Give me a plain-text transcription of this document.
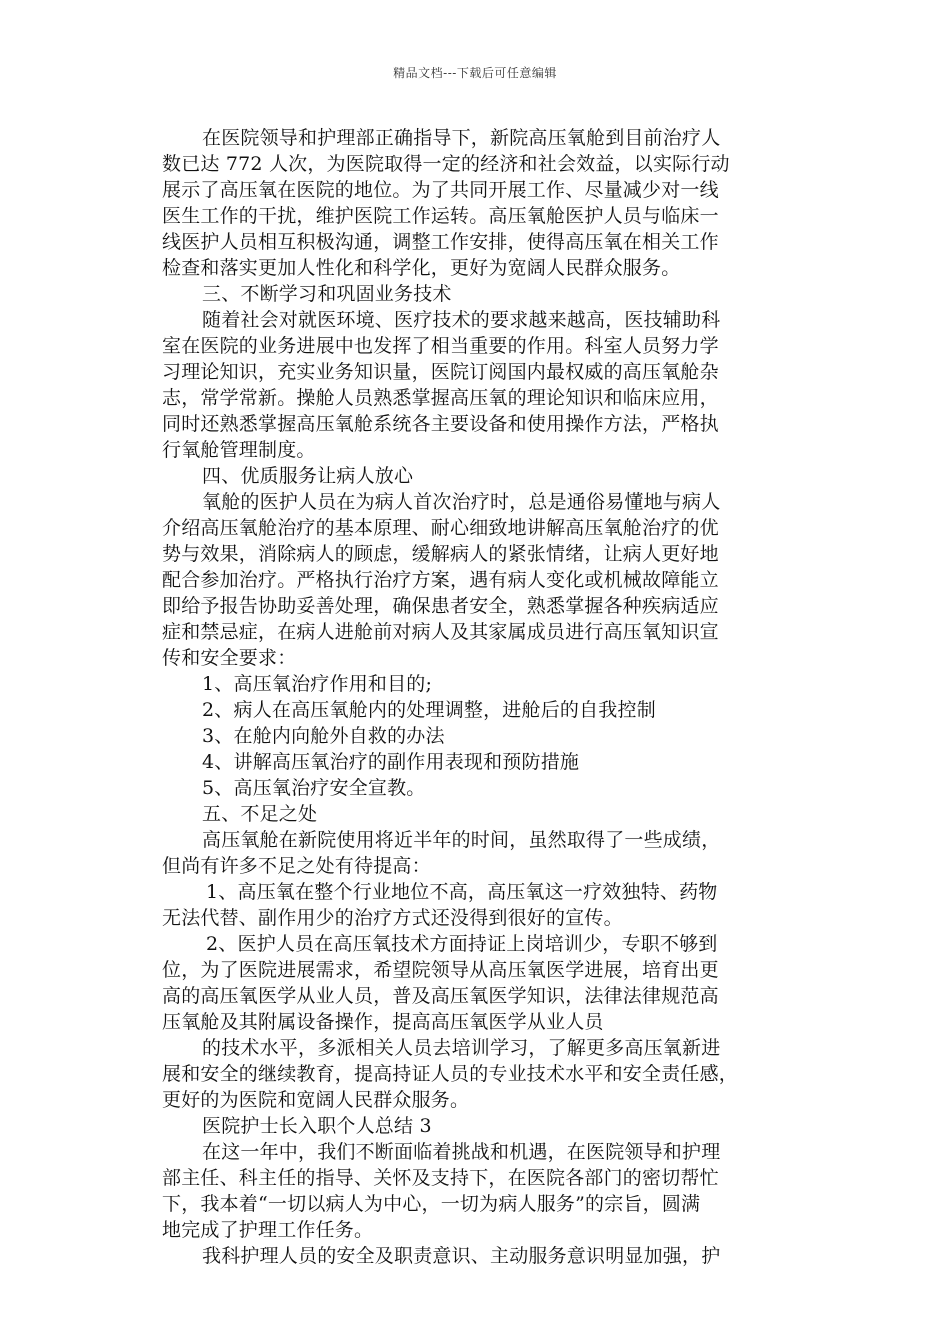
精品文档---下载后可任意编辑
在医院领导和护理部正确指导下，新院高压氧舱到目前治疗人
数已达 772 人次，为医院取得一定的经济和社会效益，以实际行动
展示了高压氧在医院的地位。为了共同开展工作、尽量减少对一线
医生工作的干扰，维护医院工作运转。高压氧舱医护人员与临床一
线医护人员相互积极沟通，调整工作安排，使得高压氧在相关工作
检查和落实更加人性化和科学化，更好为宽阔人民群众服务。
三、不断学习和巩固业务技术
随着社会对就医环境、医疗技术的要求越来越高，医技辅助科
室在医院的业务进展中也发挥了相当重要的作用。科室人员努力学
习理论知识，充实业务知识量，医院订阅国内最权威的高压氧舱杂
志，常学常新。操舱人员熟悉掌握高压氧的理论知识和临床应用，
同时还熟悉掌握高压氧舱系统各主要设备和使用操作方法，严格执
行氧舱管理制度。
四、优质服务让病人放心
氧舱的医护人员在为病人首次治疗时，总是通俗易懂地与病人
介绍高压氧舱治疗的基本原理、耐心细致地讲解高压氧舱治疗的优
势与效果，消除病人的顾虑，缓解病人的紧张情绪，让病人更好地
配合参加治疗。严格执行治疗方案，遇有病人变化或机械故障能立
即给予报告协助妥善处理，确保患者安全，熟悉掌握各种疾病适应
症和禁忌症，在病人进舱前对病人及其家属成员进行高压氧知识宣
传和安全要求：
1、高压氧治疗作用和目的;
2、病人在高压氧舱内的处理调整，进舱后的自我控制
3、在舱内向舱外自救的办法
4、讲解高压氧治疗的副作用表现和预防措施
5、高压氧治疗安全宣教。
五、不足之处
高压氧舱在新院使用将近半年的时间，虽然取得了一些成绩，
但尚有许多不足之处有待提高：
1、高压氧在整个行业地位不高，高压氧这一疗效独特、药物
无法代替、副作用少的治疗方式还没得到很好的宣传。
2、医护人员在高压氧技术方面持证上岗培训少，专职不够到
位，为了医院进展需求，希望院领导从高压氧医学进展，培育出更
高的高压氧医学从业人员，普及高压氧医学知识，法律法律规范高
压氧舱及其附属设备操作，提高高压氧医学从业人员
的技术水平，多派相关人员去培训学习，了解更多高压氧新进
展和安全的继续教育，提高持证人员的专业技术水平和安全责任感，
更好的为医院和宽阔人民群众服务。
医院护士长入职个人总结 3
在这一年中，我们不断面临着挑战和机遇，在医院领导和护理
部主任、科主任的指导、关怀及支持下，在医院各部门的密切帮忙
下，我本着“一切以病人为中心，一切为病人服务”的宗旨，圆满
地完成了护理工作任务。
我科护理人员的安全及职责意识、主动服务意识明显加强，护
